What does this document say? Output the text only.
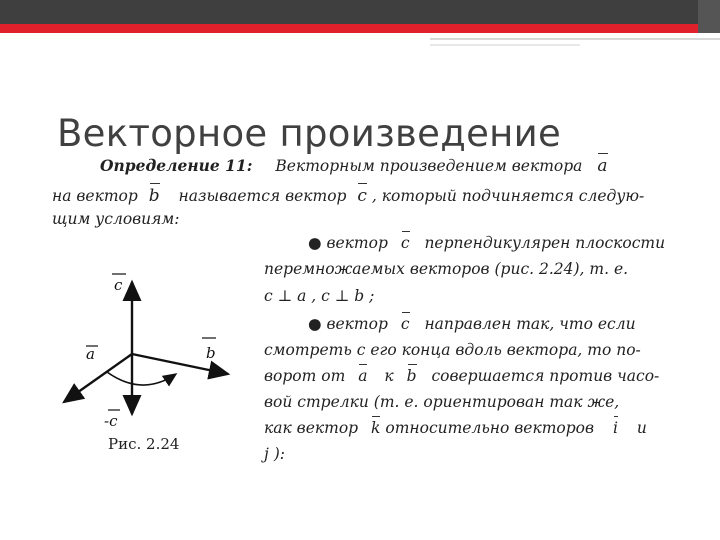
Векторное произведение
Определение 11: Векторным произведением вектора a
на вектор b называется вектор c , который подчиняется следую-
щим условиям:
● вектор c перпендикулярен плоскости
перемножаемых векторов (рис. 2.24), т. е.
c ⊥ a , c ⊥ b ;
● вектор c направлен так, что если
смотреть с его конца вдоль вектора, то по-
ворот от a к b совершается против часо-
вой стрелки (т. е. ориентирован так же,
как вектор k относительно векторов i и
j ):
c
a	b
-c
Рис. 2.24
